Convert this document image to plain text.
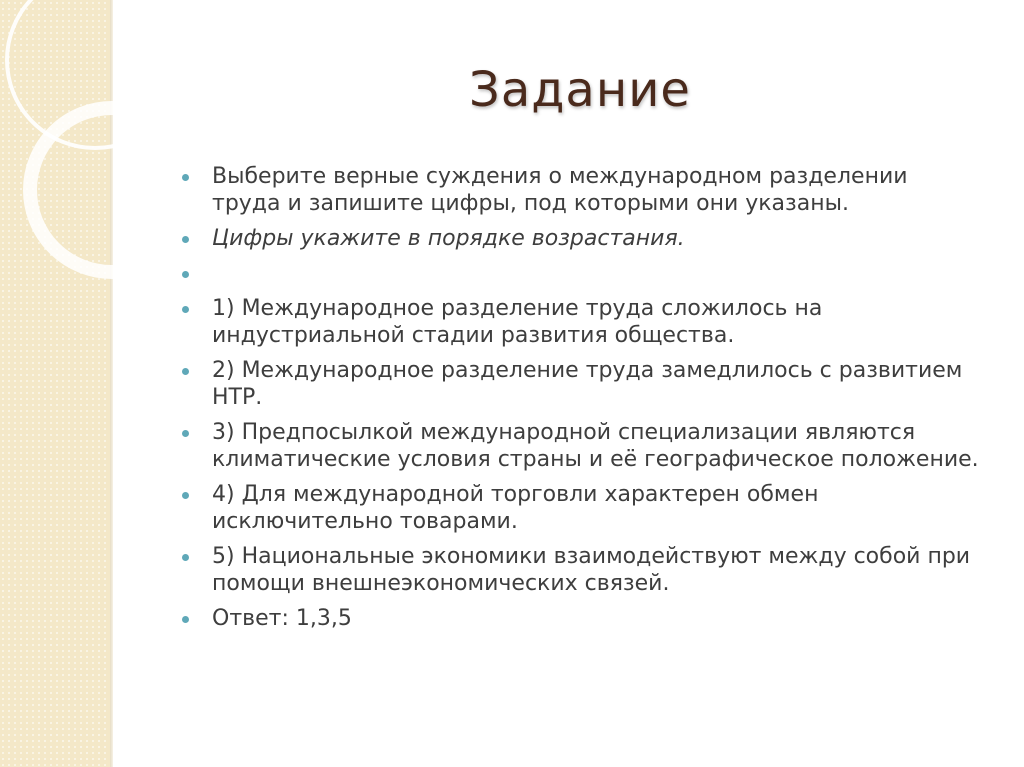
Задание
Выберите верные суждения о международном разделении труда и запишите цифры, под которыми они указаны.
Цифры укажите в порядке возрастания.
1) Международное разделение труда сложилось на индустриальной стадии развития общества.
2) Международное разделение труда замедлилось с развитием НТР.
3) Предпосылкой международной специализации являются климатические условия страны и её географическое положение.
4) Для международной торговли характерен обмен исключительно товарами.
5) Национальные экономики взаимодействуют между собой при помощи внешнеэкономических связей.
Ответ: 1,3,5
